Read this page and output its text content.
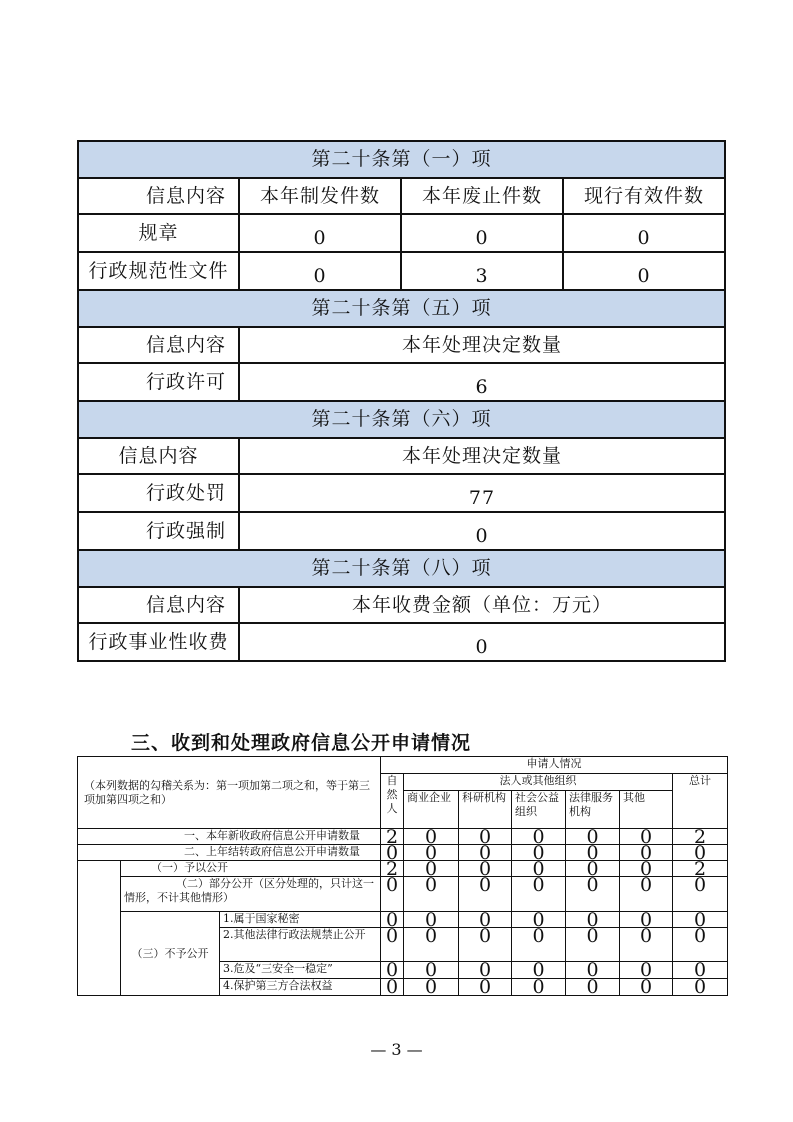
第二十条第（一）项			
信息内容	本年制发件数	本年废止件数	现行有效件数
规章	0	0	0
行政规范性文件	0	3	0
第二十条第（五）项			
信息内容	本年处理决定数量		
行政许可	6		
第二十条第（六）项			
信息内容	本年处理决定数量		
行政处罚	77		
行政强制	0		
第二十条第（八）项			
信息内容	本年收费金额（单位：万元）		
行政事业性收费	0		
三、收到和处理政府信息公开申请情况
（本列数据的勾稽关系为：第一项加第二项之和，等于第三项加第四项之和）			申请人情况						
			自然人	法人或其他组织					总计
				商业企业	科研机构	社会公益组织	法律服务机构	其他	
一、本年新收政府信息公开申请数量			2	0	0	0	0	0	2
二、上年结转政府信息公开申请数量			0	0	0	0	0	0	0
	（一）予以公开		2	0	0	0	0	0	2
	（二）部分公开（区分处理的，只计这一情形，不计其他情形）		0	0	0	0	0	0	0
	（三）不予公开	1.属于国家秘密	0	0	0	0	0	0	0
		2.其他法律行政法规禁止公开	0	0	0	0	0	0	0
		3.危及“三安全一稳定”	0	0	0	0	0	0	0
		4.保护第三方合法权益	0	0	0	0	0	0	0
— 3 —
